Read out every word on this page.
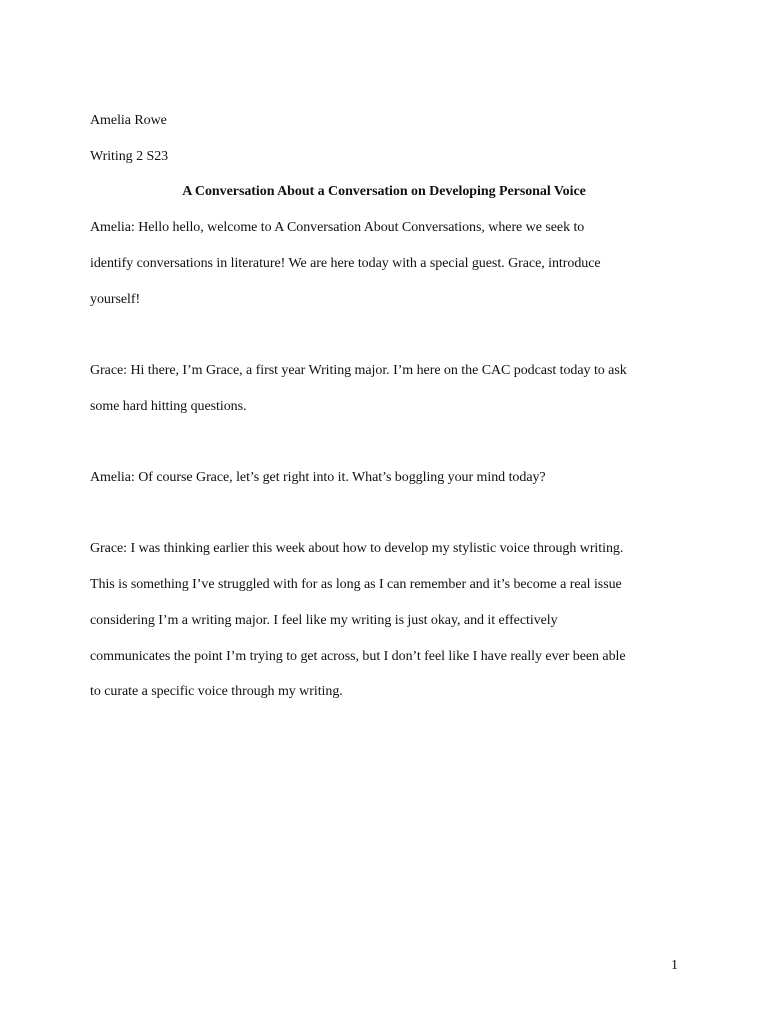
Amelia Rowe

Writing 2 S23

A Conversation About a Conversation on Developing Personal Voice

Amelia: Hello hello, welcome to A Conversation About Conversations, where we seek to
identify conversations in literature! We are here today with a special guest. Grace, introduce
yourself!

Grace: Hi there, I’m Grace, a first year Writing major. I’m here on the CAC podcast today to ask
some hard hitting questions.

Amelia: Of course Grace, let’s get right into it. What’s boggling your mind today?

Grace: I was thinking earlier this week about how to develop my stylistic voice through writing.
This is something I’ve struggled with for as long as I can remember and it’s become a real issue
considering I’m a writing major. I feel like my writing is just okay, and it effectively
communicates the point I’m trying to get across, but I don’t feel like I have really ever been able
to curate a specific voice through my writing.

1
